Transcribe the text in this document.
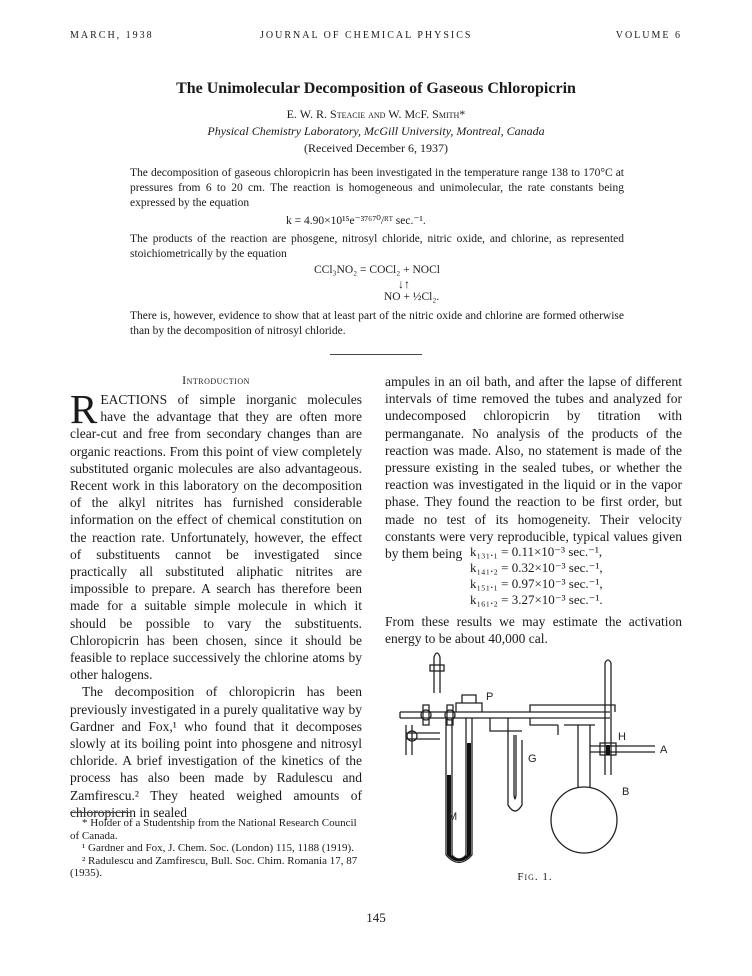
MARCH, 1938	JOURNAL OF CHEMICAL PHYSICS	VOLUME 6
The Unimolecular Decomposition of Gaseous Chloropicrin
E. W. R. Steacie and W. McF. Smith*
Physical Chemistry Laboratory, McGill University, Montreal, Canada
(Received December 6, 1937)
The decomposition of gaseous chloropicrin has been investigated in the temperature range 138 to 170°C at pressures from 6 to 20 cm. The reaction is homogeneous and unimolecular, the rate constants being expressed by the equation
k = 4.90×10¹⁵e⁻³⁷⁶⁷⁰/ᴿᵀ sec.⁻¹.
The products of the reaction are phosgene, nitrosyl chloride, nitric oxide, and chlorine, as represented stoichiometrically by the equation
CCl₃NO₂ = COCl₂ + NOCl
↓↑
NO + ½Cl₂.
There is, however, evidence to show that at least part of the nitric oxide and chlorine are formed otherwise than by the decomposition of nitrosyl chloride.
Introduction

REACTIONS of simple inorganic molecules have the advantage that they are often more clear-cut and free from secondary changes than are organic reactions. From this point of view completely substituted organic molecules are also advantageous. Recent work in this laboratory on the decomposition of the alkyl nitrites has furnished considerable information on the effect of chemical constitution on the reaction rate. Unfortunately, however, the effect of substituents cannot be investigated since practically all substituted aliphatic nitrites are impossible to prepare. A search has therefore been made for a suitable simple molecule in which it should be possible to vary the substituents. Chloropicrin has been chosen, since it should be feasible to replace successively the chlorine atoms by other halogens.

The decomposition of chloropicrin has been previously investigated in a purely qualitative way by Gardner and Fox,¹ who found that it decomposes slowly at its boiling point into phosgene and nitrosyl chloride. A brief investigation of the kinetics of the process has also been made by Radulescu and Zamfirescu.² They heated weighed amounts of chloropicrin in sealed

* Holder of a Studentship from the National Research Council of Canada.
¹ Gardner and Fox, J. Chem. Soc. (London) 115, 1188 (1919).
² Radulescu and Zamfirescu, Bull. Soc. Chim. Romania 17, 87 (1935).

ampules in an oil bath, and after the lapse of different intervals of time removed the tubes and analyzed for undecomposed chloropicrin by titration with permanganate. No analysis of the products of the reaction was made. Also, no statement is made of the pressure existing in the sealed tubes, or whether the reaction was investigated in the liquid or in the vapor phase. They found the reaction to be first order, but made no test of its homogeneity. Their velocity constants were very reproducible, typical values given by them being k₁₃₁.₁ = 0.11×10⁻³ sec.⁻¹,
k₁₄₁.₂ = 0.32×10⁻³ sec.⁻¹,
k₁₅₁.₁ = 0.97×10⁻³ sec.⁻¹,
k₁₆₁.₂ = 3.27×10⁻³ sec.⁻¹.
From these results we may estimate the activation energy to be about 40,000 cal.
P
G
H
A
B
M
Fig. 1.
145
